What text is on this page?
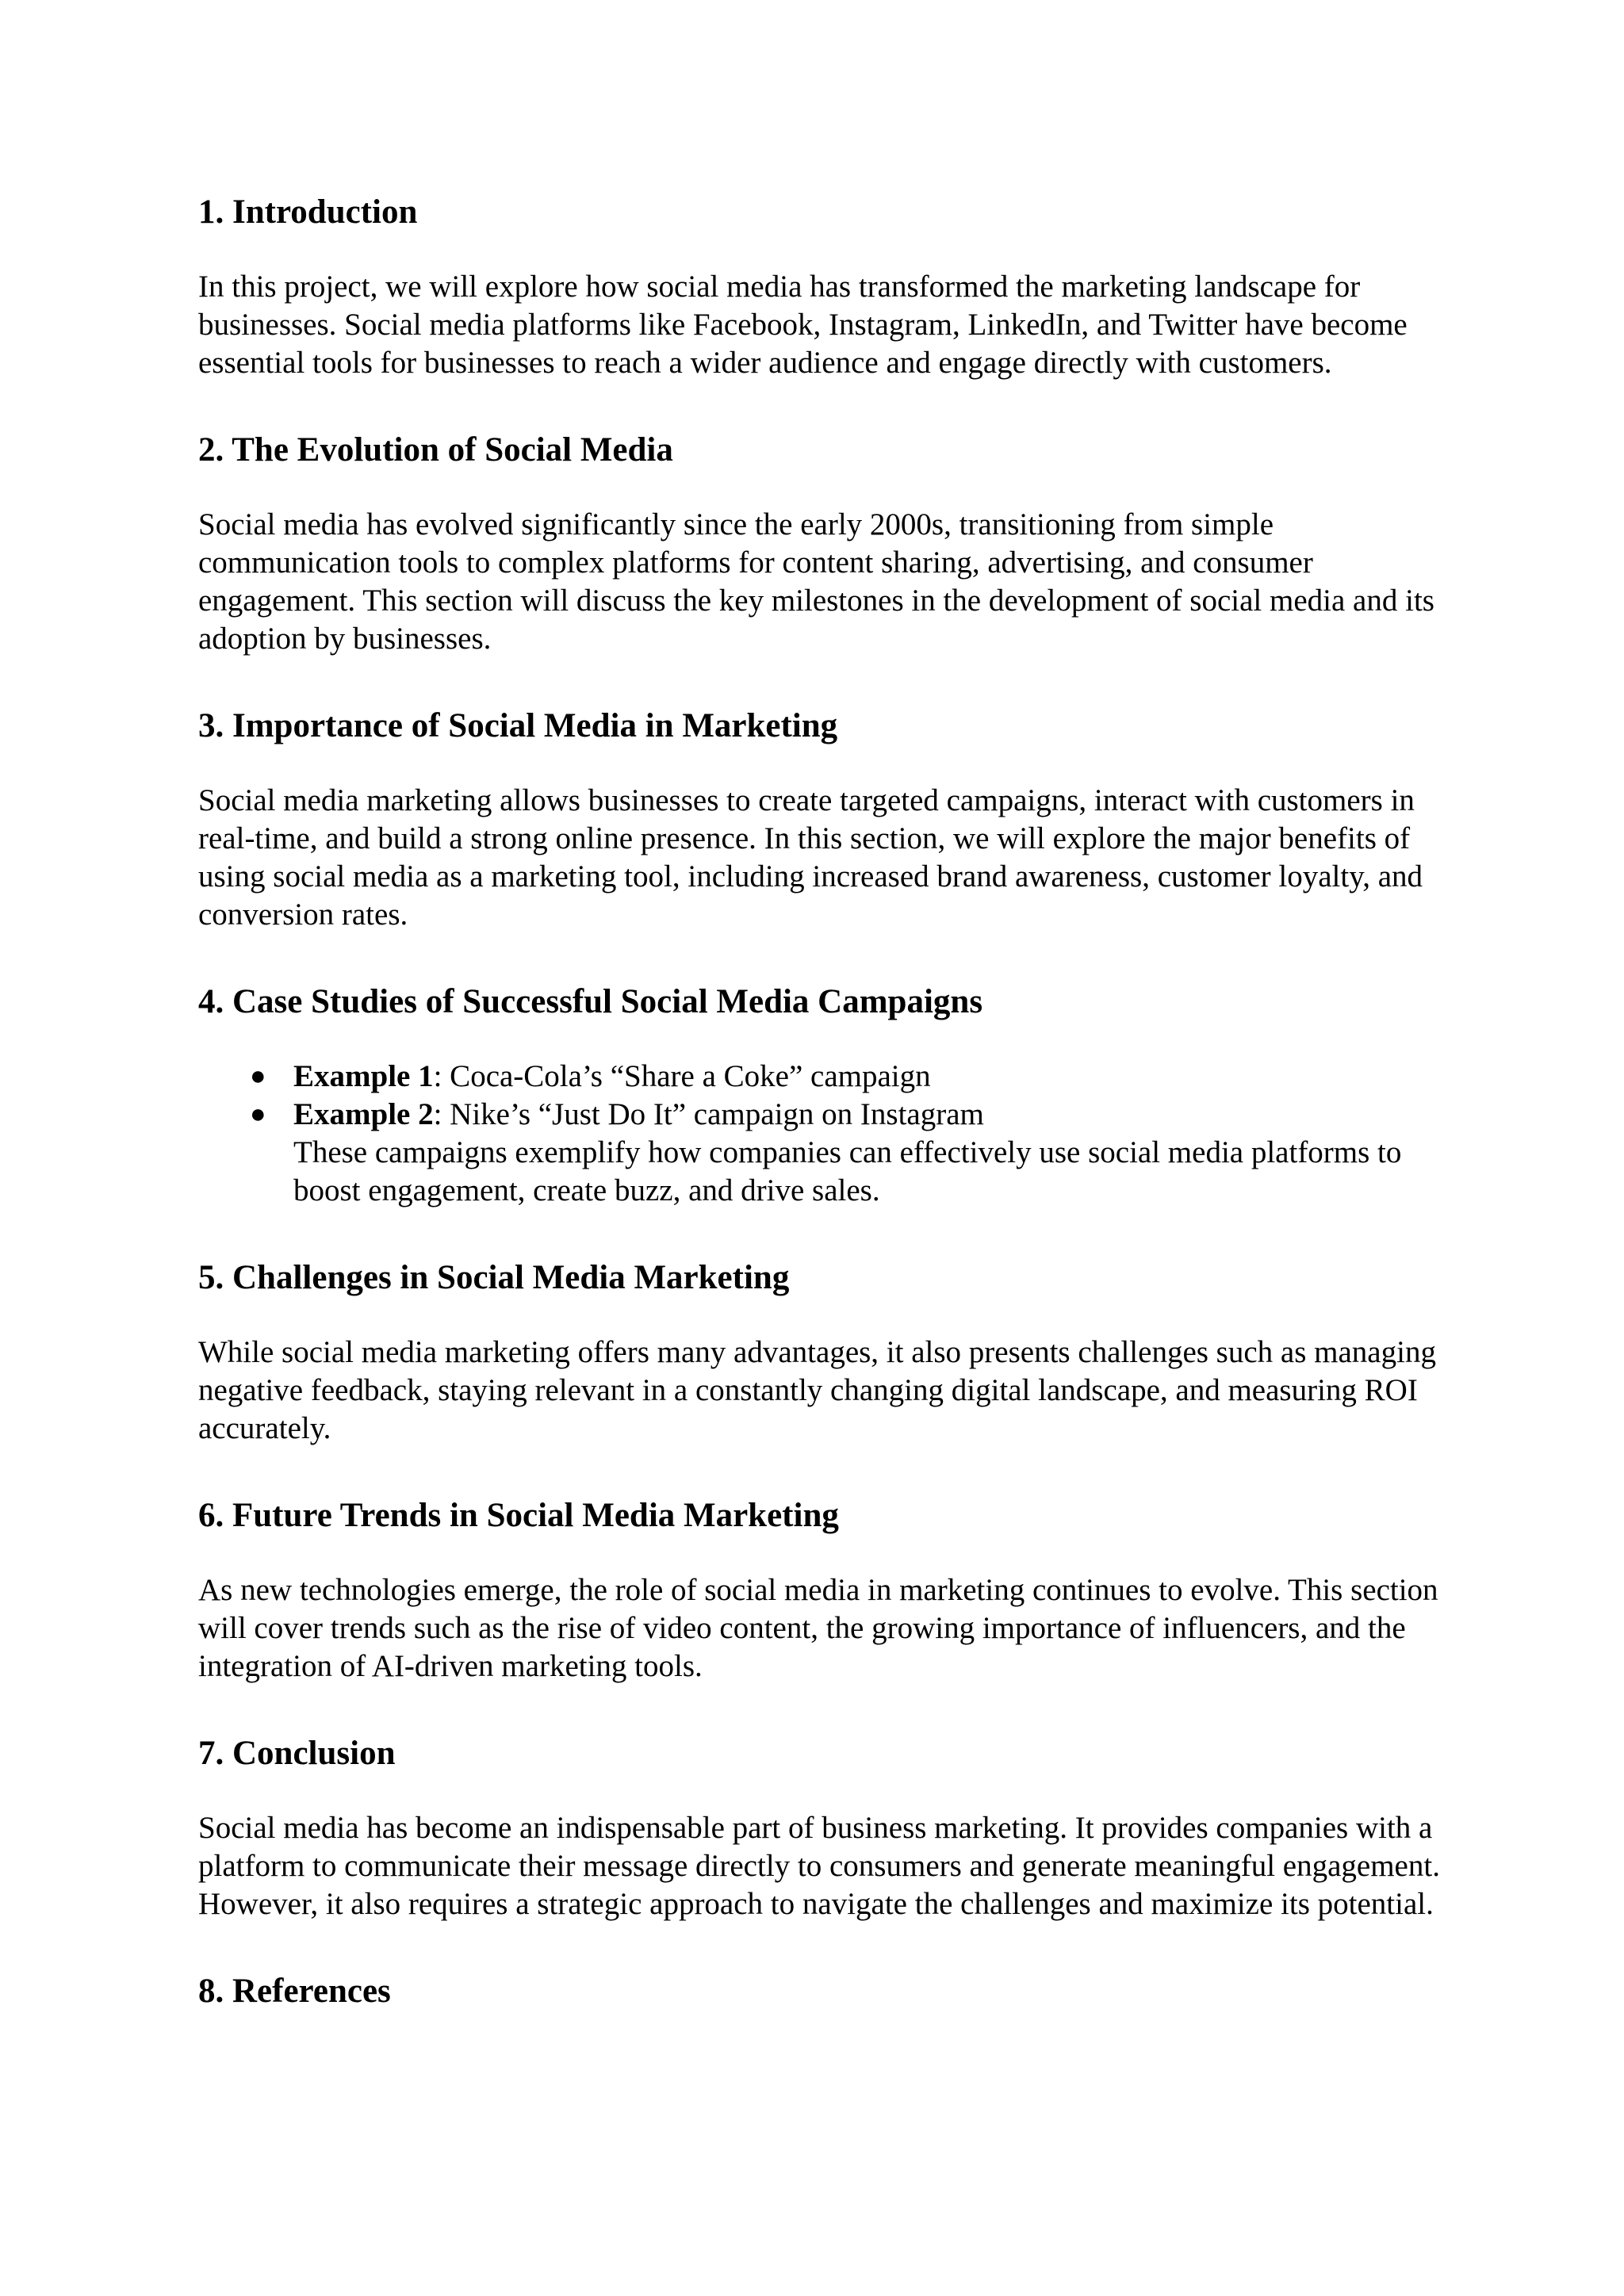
1. Introduction

In this project, we will explore how social media has transformed the marketing landscape for businesses. Social media platforms like Facebook, Instagram, LinkedIn, and Twitter have become essential tools for businesses to reach a wider audience and engage directly with customers.

2. The Evolution of Social Media

Social media has evolved significantly since the early 2000s, transitioning from simple communication tools to complex platforms for content sharing, advertising, and consumer engagement. This section will discuss the key milestones in the development of social media and its adoption by businesses.

3. Importance of Social Media in Marketing

Social media marketing allows businesses to create targeted campaigns, interact with customers in real-time, and build a strong online presence. In this section, we will explore the major benefits of using social media as a marketing tool, including increased brand awareness, customer loyalty, and conversion rates.

4. Case Studies of Successful Social Media Campaigns
● Example 1: Coca-Cola’s “Share a Coke” campaign
● Example 2: Nike’s “Just Do It” campaign on Instagram
These campaigns exemplify how companies can effectively use social media platforms to boost engagement, create buzz, and drive sales.
5. Challenges in Social Media Marketing

While social media marketing offers many advantages, it also presents challenges such as managing negative feedback, staying relevant in a constantly changing digital landscape, and measuring ROI accurately.

6. Future Trends in Social Media Marketing

As new technologies emerge, the role of social media in marketing continues to evolve. This section will cover trends such as the rise of video content, the growing importance of influencers, and the integration of AI-driven marketing tools.

7. Conclusion

Social media has become an indispensable part of business marketing. It provides companies with a platform to communicate their message directly to consumers and generate meaningful engagement. However, it also requires a strategic approach to navigate the challenges and maximize its potential.

8. References
